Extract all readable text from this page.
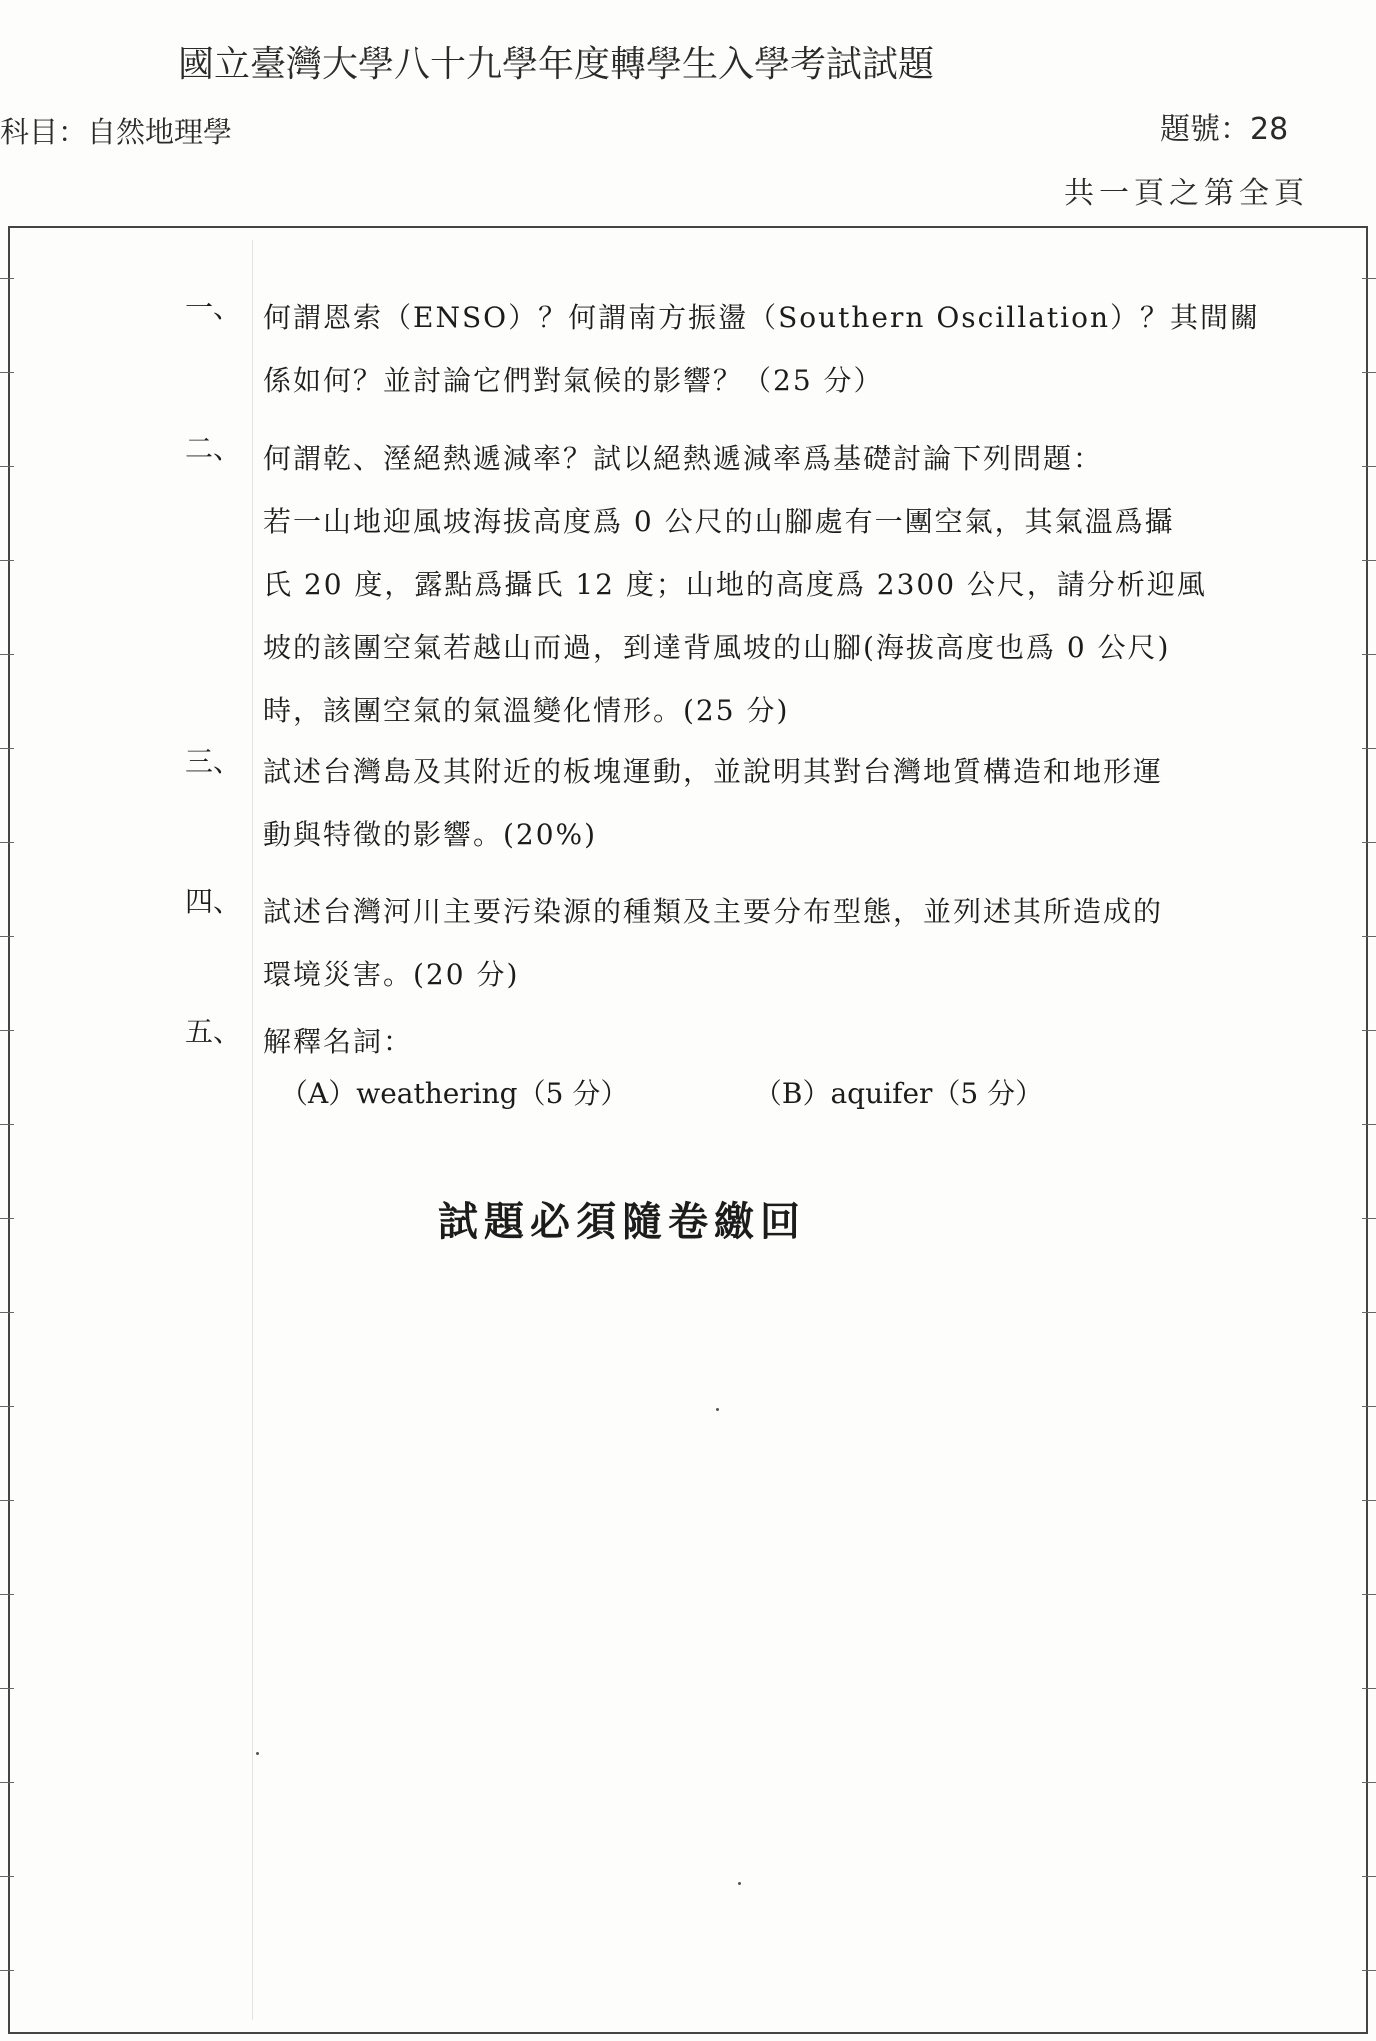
國立臺灣大學八十九學年度轉學生入學考試試題
科目：自然地理學	題號：28
共一頁之第全頁
一、 何謂恩索（ENSO）？何謂南方振盪（Southern Oscillation）？其間關

係如何？並討論它們對氣候的影響？（25 分）

二、 何謂乾、溼絕熱遞減率？試以絕熱遞減率爲基礎討論下列問題：

若一山地迎風坡海拔高度爲 0 公尺的山腳處有一團空氣，其氣溫爲攝

氏 20 度，露點爲攝氏 12 度；山地的高度爲 2300 公尺，請分析迎風

坡的該團空氣若越山而過，到達背風坡的山腳(海拔高度也爲 0 公尺)

時，該團空氣的氣溫變化情形。(25 分)

三、 試述台灣島及其附近的板塊運動，並說明其對台灣地質構造和地形運

動與特徵的影響。(20%)

四、 試述台灣河川主要污染源的種類及主要分布型態，並列述其所造成的

環境災害。(20 分)

五、 解釋名詞：

（A）weathering（5 分）	（B）aquifer（5 分）
試題必須隨卷繳回
